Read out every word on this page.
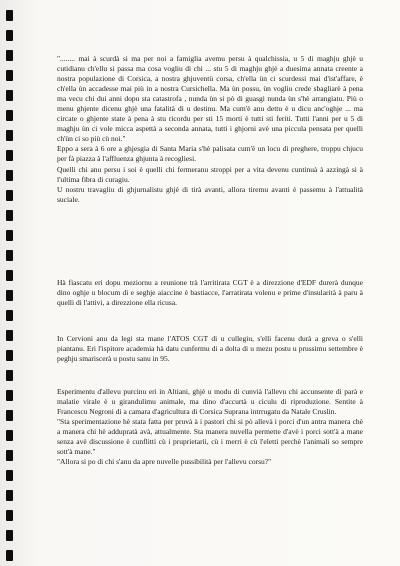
"........ mai à scurdà si ma per noi a famiglia avemu persu à qualchissia, u 5 di maghju ghjè u cutidianu ch'ellu si passa ma cosa vogliu di chi ... stu 5 di maghju ghjè a duesima annata creente a nostra populazione di Corsica, a nostra ghjuventù corsa, ch'ella ùn ci scurdessi mai d'ist'affare, è ch'ella ùn accadesse mai più in a nostra Cursichella. Ma ùn possu, ùn vogliu crede sbagliarè à pena ma vecu chi dui anni dopu sta catastrofa , nunda ùn si pò di guasgi nunda ùn s'hè arrangiatu. Più o menu ghjente dicenu ghjè una fatalità di u destinu. Ma cum'è anu dettu è u dicu anc'oghje ... ma circate o ghjente state à pena à stu ricordu per sti 15 morti è tutti sti feriti. Tutti l'anni per u 5 di maghju ùn ci vole micca aspettà a seconda annata, tutti i ghjorni avè una piccula pensata per quelli ch'ùn ci so più cù noi."

Eppo a sera à 6 ore a ghjesgia di Santa Maria s'hè palisata cum'è un locu di preghere, troppu chjucu per fà piazza à l'affluenza ghjunta à recogliesi.

Quelli chi anu persu i soi è quelli chi fermeranu stroppi per a vita devenu cuntinuà à azzingà si à l'ultima fibra di curagiu.

U nostru travagliu di ghjurnalistu ghjè di tirà avanti, allora tiremu avanti è passemu à l'attualità suciale.

Hà fiascatu eri dopu meziornu a reunione trà l'arritirata CGT è a direzzione d'EDF durerà dunque dino oghje u blocum di e seghje aiaccine è bastiacce, l'arratirata volenu e prime d'insularità à paru à quelli di l'attivi, a direzzione ella ricusa.

In Cervioni anu da legi sta mane l'ATOS CGT di u cullegiu, s'elli facenu durà a greva o s'elli piantanu. Eri l'ispitore academia hà datu cunfermu di a dolta di u mezu postu u prussimu settembre è peghju smariscerà u postu sanu in 95.

Esperimentu d'allevu purcinu eri in Altiani, ghjè u modu di cunvià l'allevu chi accunsente di parà e malatie virale è u girandulimu animale, ma dino d'accurtà u ciculu di riproduzione. Sentite à Francescu Negroni di a camara d'agricultura di Corsica Suprana intrrugatu da Natale Cruslin.

"Sta sperimentazione hè stata fatta per pruvà à i pastori chi si pò allevà i porci d'un antra manera chè a manera chi hè addupratà avà, attualmente. Sta manera nuvella permette d'avè i porci sott'à a mane senza avè discussione è cunflitti cù i pruprietarii, cù i merri è cù l'eletti perchè l'animali so sempre sott'à mane."

"Allora si po di chi s'anu da apre nuvelle pussibilità per l'allevu corsu?"
